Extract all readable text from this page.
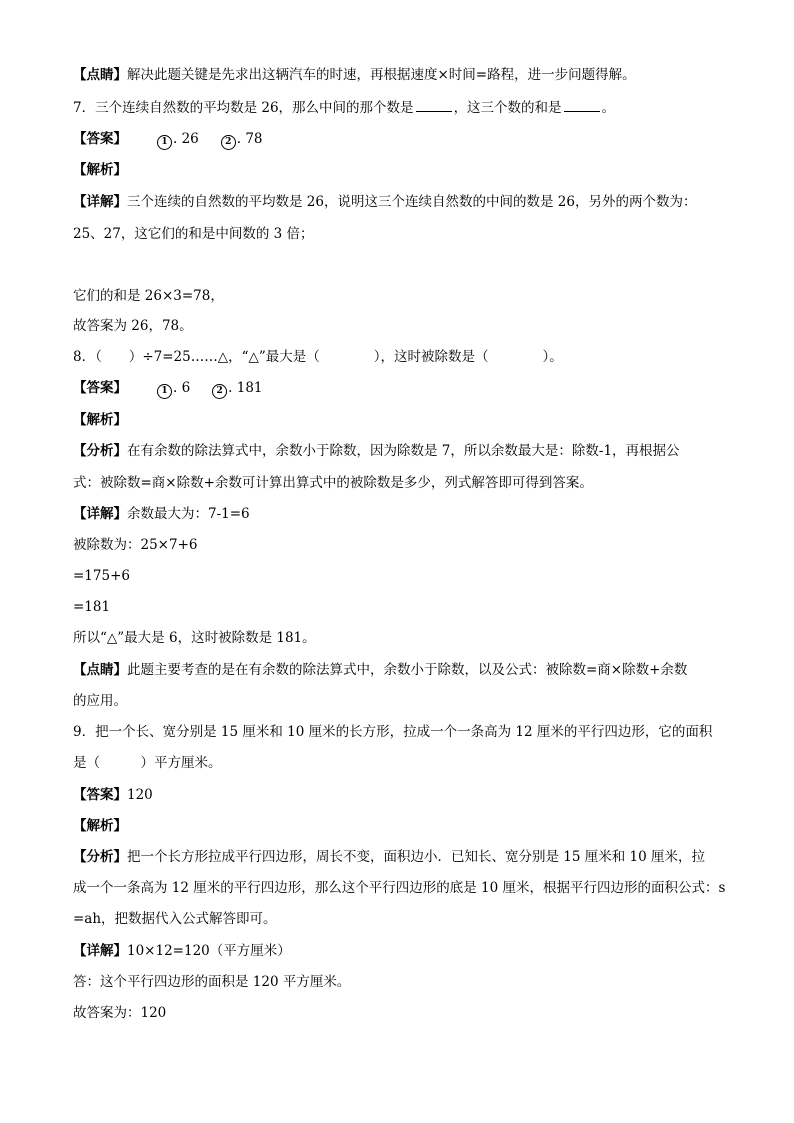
【点睛】解决此题关键是先求出这辆汽车的时速，再根据速度×时间=路程，进一步问题得解。
7．三个连续自然数的平均数是 26，那么中间的那个数是	，这三个数的和是	。
【答案】	1 . 26	2 . 78
【解析】
【详解】三个连续的自然数的平均数是 26，说明这三个连续自然数的中间的数是 26，另外的两个数为：
25、27，这它们的和是中间数的 3 倍；
它们的和是 26×3=78，
故答案为 26，78。
8．（　　）÷7=25……△，“△”最大是（　　　　），这时被除数是（　　　　）。
【答案】	1 . 6	2 . 181
【解析】
【分析】在有余数的除法算式中，余数小于除数，因为除数是 7，所以余数最大是：除数-1，再根据公
式：被除数=商×除数+余数可计算出算式中的被除数是多少，列式解答即可得到答案。
【详解】余数最大为：7-1=6
被除数为：25×7+6
=175+6
=181
所以“△”最大是 6，这时被除数是 181。
【点睛】此题主要考查的是在有余数的除法算式中，余数小于除数，以及公式：被除数=商×除数+余数
的应用。
9．把一个长、宽分别是 15 厘米和 10 厘米的长方形，拉成一个一条高为 12 厘米的平行四边形，它的面积
是（　　　）平方厘米。
【答案】120
【解析】
【分析】把一个长方形拉成平行四边形，周长不变，面积边小．已知长、宽分别是 15 厘米和 10 厘米，拉
成一个一条高为 12 厘米的平行四边形，那么这个平行四边形的底是 10 厘米，根据平行四边形的面积公式：s
=ah，把数据代入公式解答即可。
【详解】10×12=120（平方厘米）
答：这个平行四边形的面积是 120 平方厘米。
故答案为：120
